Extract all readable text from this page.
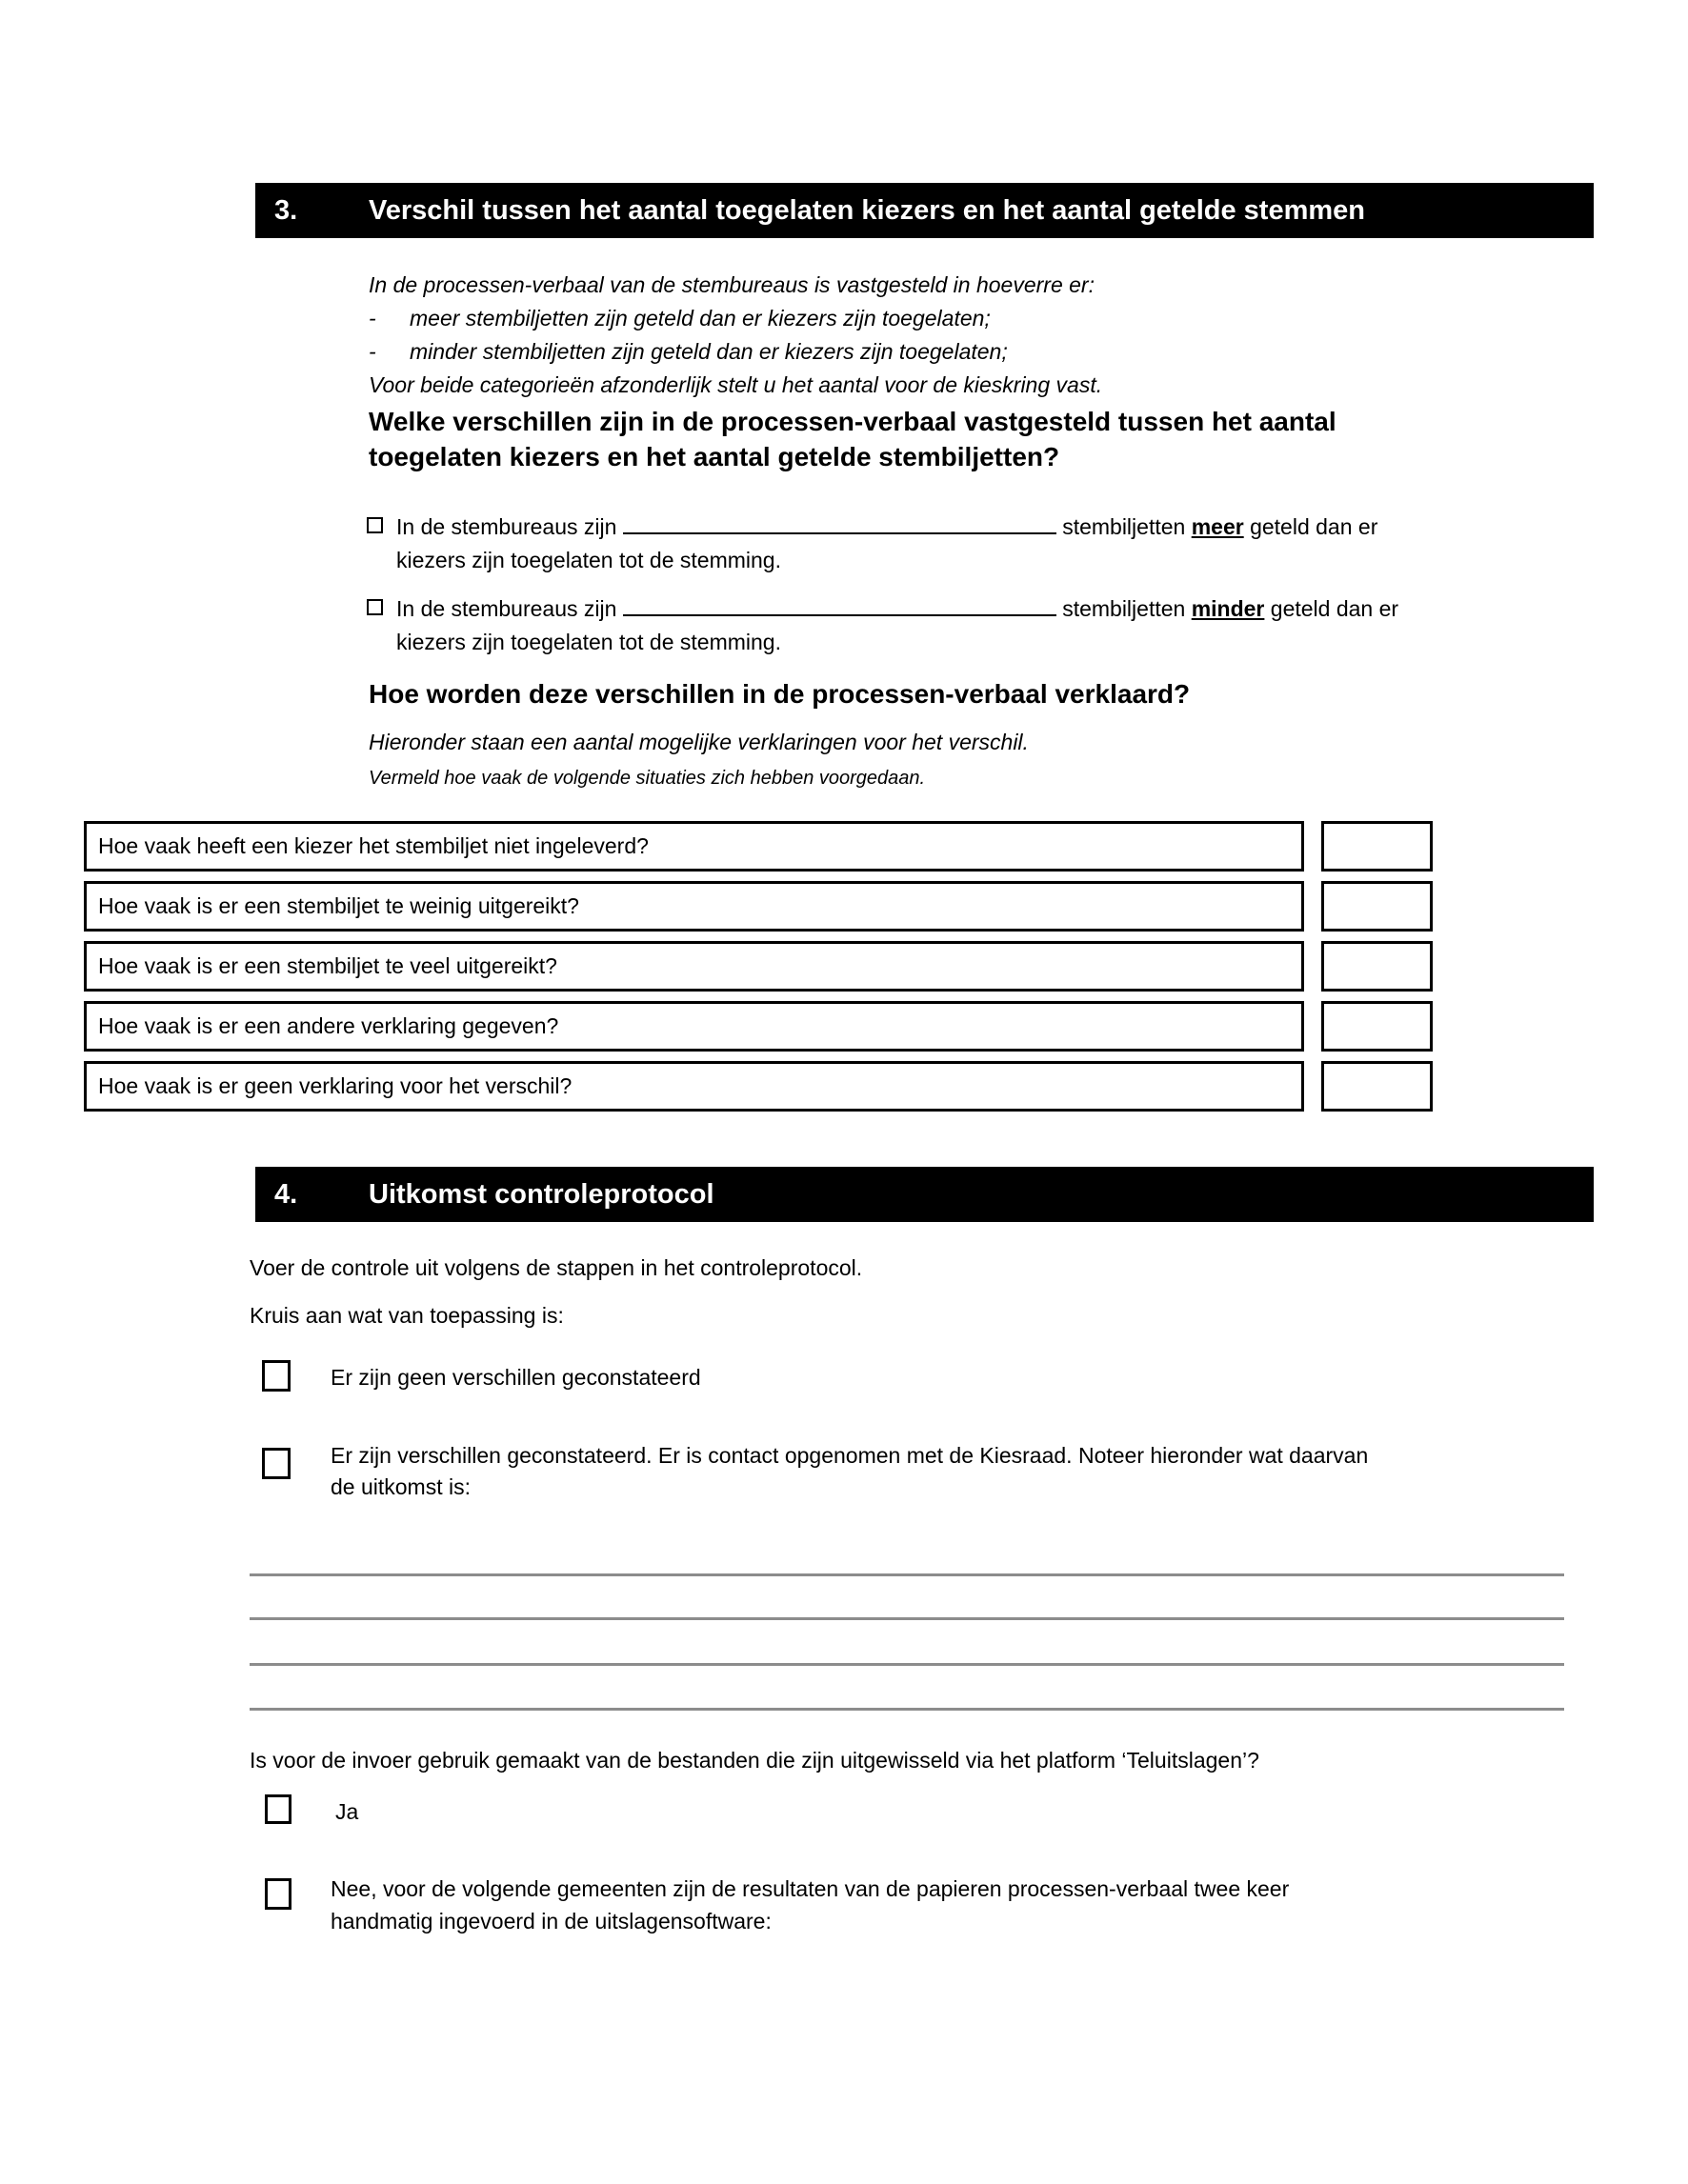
3.	Verschil tussen het aantal toegelaten kiezers en het aantal getelde stemmen
In de processen-verbaal van de stembureaus is vastgesteld in hoeverre er:
-	meer stembiljetten zijn geteld dan er kiezers zijn toegelaten;
-	minder stembiljetten zijn geteld dan er kiezers zijn toegelaten;
Voor beide categorieën afzonderlijk stelt u het aantal voor de kieskring vast.
Welke verschillen zijn in de processen-verbaal vastgesteld tussen het aantal toegelaten kiezers en het aantal getelde stembiljetten?
In de stembureaus zijn	stembiljetten meer geteld dan er
kiezers zijn toegelaten tot de stemming.
In de stembureaus zijn	stembiljetten minder geteld dan er
kiezers zijn toegelaten tot de stemming.
Hoe worden deze verschillen in de processen-verbaal verklaard?
Hieronder staan een aantal mogelijke verklaringen voor het verschil.
Vermeld hoe vaak de volgende situaties zich hebben voorgedaan.
Hoe vaak heeft een kiezer het stembiljet niet ingeleverd?
Hoe vaak is er een stembiljet te weinig uitgereikt?
Hoe vaak is er een stembiljet te veel uitgereikt?
Hoe vaak is er een andere verklaring gegeven?
Hoe vaak is er geen verklaring voor het verschil?
4.	Uitkomst controleprotocol
Voer de controle uit volgens de stappen in het controleprotocol.
Kruis aan wat van toepassing is:
Er zijn geen verschillen geconstateerd
Er zijn verschillen geconstateerd. Er is contact opgenomen met de Kiesraad. Noteer hieronder wat daarvan de uitkomst is:
Is voor de invoer gebruik gemaakt van de bestanden die zijn uitgewisseld via het platform ‘Teluitslagen’?
Ja
Nee, voor de volgende gemeenten zijn de resultaten van de papieren processen-verbaal twee keer handmatig ingevoerd in de uitslagensoftware:
